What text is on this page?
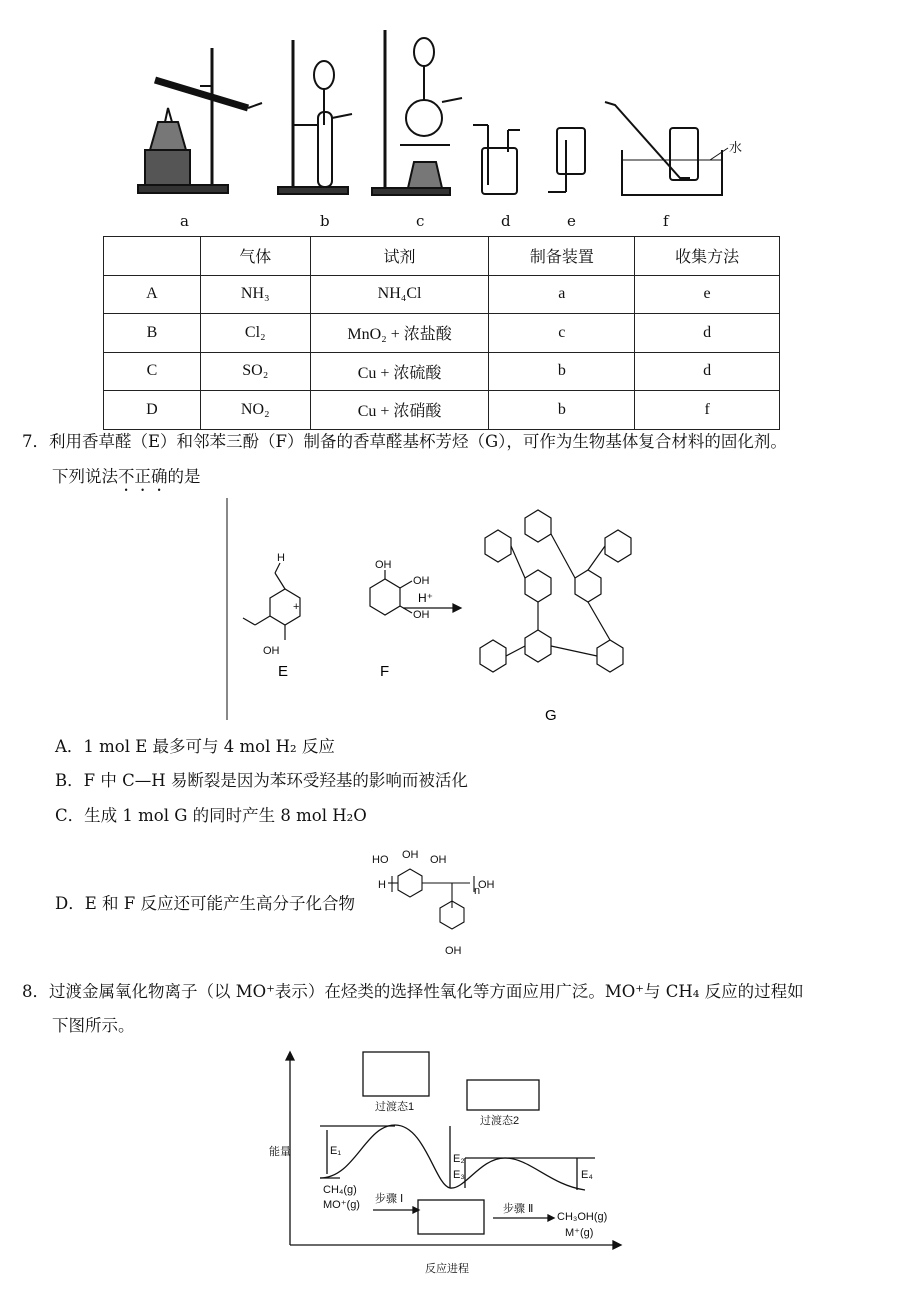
水
a	b	c	d	e	f
	气体	试剂	制备装置	收集方法
A	NH₃	NH₄Cl	a	e
B	Cl₂	MnO₂ + 浓盐酸	c	d
C	SO₂	Cu + 浓硫酸	b	d
D	NO₂	Cu + 浓硝酸	b	f
7．利用香草醛（E）和邻苯三酚（F）制备的香草醛基杯芳烃（G），可作为生物基体复合材料的固化剂。
下列说法不正确的是
H
OH
OH
OH
OH
+
E	F
H⁺
G
A．1 mol E 最多可与 4 mol H₂ 反应
B．F 中 C—H 易断裂是因为苯环受羟基的影响而被活化
C．生成 1 mol G 的同时产生 8 mol H₂O
D．E 和 F 反应还可能产生高分子化合物
HO OH OH
H	OH
n
OH
8．过渡金属氧化物离子（以 MO⁺表示）在烃类的选择性氧化等方面应用广泛。MO⁺与 CH₄ 反应的过程如
下图所示。
能量
反应进程
过渡态1
过渡态2
CH₄(g)
MO⁺(g) 步骤 Ⅰ
步骤 Ⅱ
CH₃OH(g)
M⁺(g)
E₁
E₂
E₃	E₄
